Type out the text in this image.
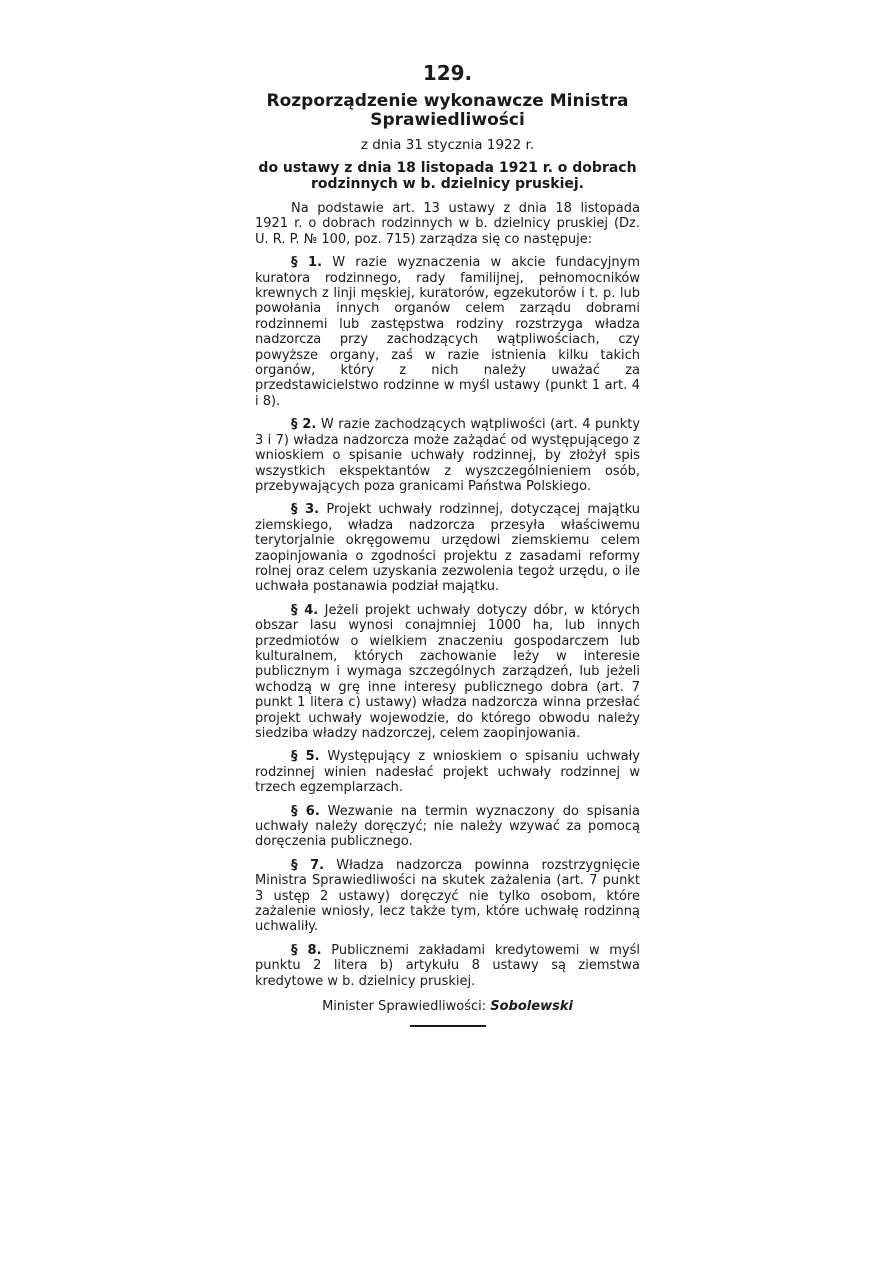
129.
Rozporządzenie wykonawcze Ministra
Sprawiedliwości
z dnia 31 stycznia 1922 r.
do ustawy z dnia 18 listopada 1921 r. o dobrach
rodzinnych w b. dzielnicy pruskiej.

Na podstawie art. 13 ustawy z dnia 18 listopada 1921 r. o dobrach rodzinnych w b. dzielnicy pruskiej (Dz. U. R. P. № 100, poz. 715) zarządza się co następuje:

§ 1. W razie wyznaczenia w akcie fundacyjnym kuratora rodzinnego, rady familijnej, pełnomocników krewnych z linji męskiej, kuratorów, egzekutorów i t. p. lub powołania innych organów celem zarządu dobrami rodzinnemi lub zastępstwa rodziny rozstrzyga władza nadzorcza przy zachodzących wątpliwościach, czy powyższe organy, zaś w razie istnienia kilku takich organów, który z nich należy uważać za przedstawicielstwo rodzinne w myśl ustawy (punkt 1 art. 4 i 8).

§ 2. W razie zachodzących wątpliwości (art. 4 punkty 3 i 7) władza nadzorcza może zażądać od występującego z wnioskiem o spisanie uchwały rodzinnej, by złożył spis wszystkich ekspektantów z wyszczególnieniem osób, przebywających poza granicami Państwa Polskiego.

§ 3. Projekt uchwały rodzinnej, dotyczącej majątku ziemskiego, władza nadzorcza przesyła właściwemu terytorjalnie okręgowemu urzędowi ziemskiemu celem zaopinjowania o zgodności projektu z zasadami reformy rolnej oraz celem uzyskania zezwolenia tegoż urzędu, o ile uchwała postanawia podział majątku.

§ 4. Jeżeli projekt uchwały dotyczy dóbr, w których obszar lasu wynosi conajmniej 1000 ha, lub innych przedmiotów o wielkiem znaczeniu gospodarczem lub kulturalnem, których zachowanie leży w interesie publicznym i wymaga szczególnych zarządzeń, lub jeżeli wchodzą w grę inne interesy publicznego dobra (art. 7 punkt 1 litera c) ustawy) władza nadzorcza winna przesłać projekt uchwały wojewodzie, do którego obwodu należy siedziba władzy nadzorczej, celem zaopinjowania.

§ 5. Występujący z wnioskiem o spisaniu uchwały rodzinnej winien nadesłać projekt uchwały rodzinnej w trzech egzemplarzach.

§ 6. Wezwanie na termin wyznaczony do spisania uchwały należy doręczyć; nie należy wzywać za pomocą doręczenia publicznego.

§ 7. Władza nadzorcza powinna rozstrzygnięcie Ministra Sprawiedliwości na skutek zażalenia (art. 7 punkt 3 ustęp 2 ustawy) doręczyć nie tylko osobom, które zażalenie wniosły, lecz także tym, które uchwałę rodzinną uchwaliły.

§ 8. Publicznemi zakładami kredytowemi w myśl punktu 2 litera b) artykułu 8 ustawy są ziemstwa kredytowe w b. dzielnicy pruskiej.

Minister Sprawiedliwości: Sobolewski
